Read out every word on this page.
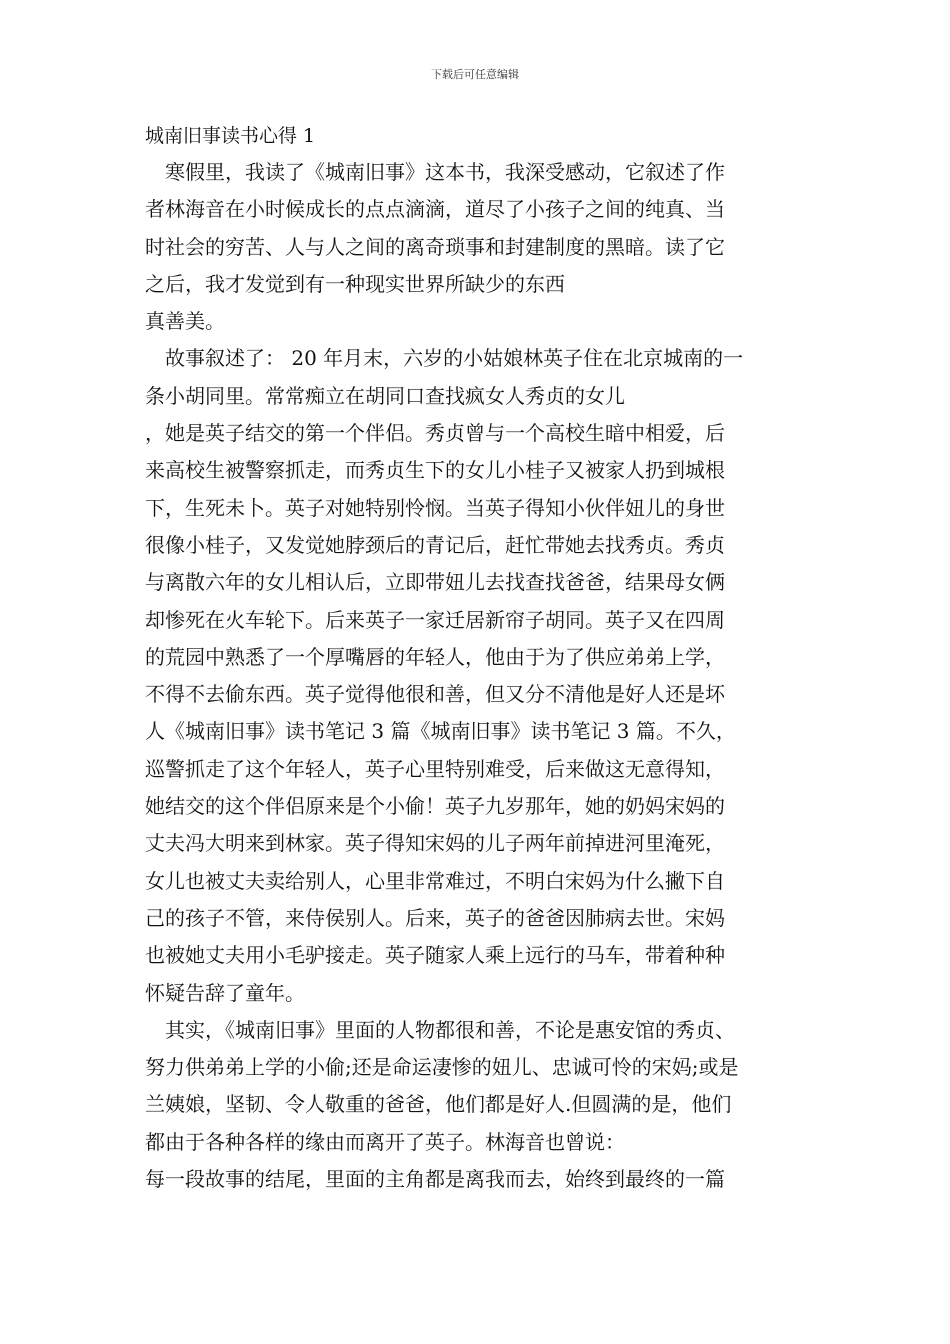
下载后可任意编辑
城南旧事读书心得 1
　寒假里，我读了《城南旧事》这本书，我深受感动，它叙述了作
者林海音在小时候成长的点点滴滴，道尽了小孩子之间的纯真、当
时社会的穷苦、人与人之间的离奇琐事和封建制度的黑暗。读了它
之后，我才发觉到有一种现实世界所缺少的东西
真善美。
　故事叙述了： 20 年月末，六岁的小姑娘林英子住在北京城南的一
条小胡同里。常常痴立在胡同口查找疯女人秀贞的女儿
，她是英子结交的第一个伴侣。秀贞曾与一个高校生暗中相爱，后
来高校生被警察抓走，而秀贞生下的女儿小桂子又被家人扔到城根
下，生死未卜。英子对她特别怜悯。当英子得知小伙伴妞儿的身世
很像小桂子，又发觉她脖颈后的青记后，赶忙带她去找秀贞。秀贞
与离散六年的女儿相认后，立即带妞儿去找查找爸爸，结果母女俩
却惨死在火车轮下。后来英子一家迁居新帘子胡同。英子又在四周
的荒园中熟悉了一个厚嘴唇的年轻人，他由于为了供应弟弟上学，
不得不去偷东西。英子觉得他很和善，但又分不清他是好人还是坏
人《城南旧事》读书笔记 3 篇《城南旧事》读书笔记 3 篇。不久，
巡警抓走了这个年轻人，英子心里特别难受，后来做这无意得知，
她结交的这个伴侣原来是个小偷！英子九岁那年，她的奶妈宋妈的
丈夫冯大明来到林家。英子得知宋妈的儿子两年前掉进河里淹死，
女儿也被丈夫卖给别人，心里非常难过，不明白宋妈为什么撇下自
己的孩子不管，来侍侯别人。后来，英子的爸爸因肺病去世。宋妈
也被她丈夫用小毛驴接走。英子随家人乘上远行的马车，带着种种
怀疑告辞了童年。
　其实，《城南旧事》里面的人物都很和善，不论是惠安馆的秀贞、
努力供弟弟上学的小偷;还是命运凄惨的妞儿、忠诚可怜的宋妈;或是
兰姨娘，坚韧、令人敬重的爸爸，他们都是好人.但圆满的是，他们
都由于各种各样的缘由而离开了英子。林海音也曾说：
每一段故事的结尾，里面的主角都是离我而去，始终到最终的一篇
